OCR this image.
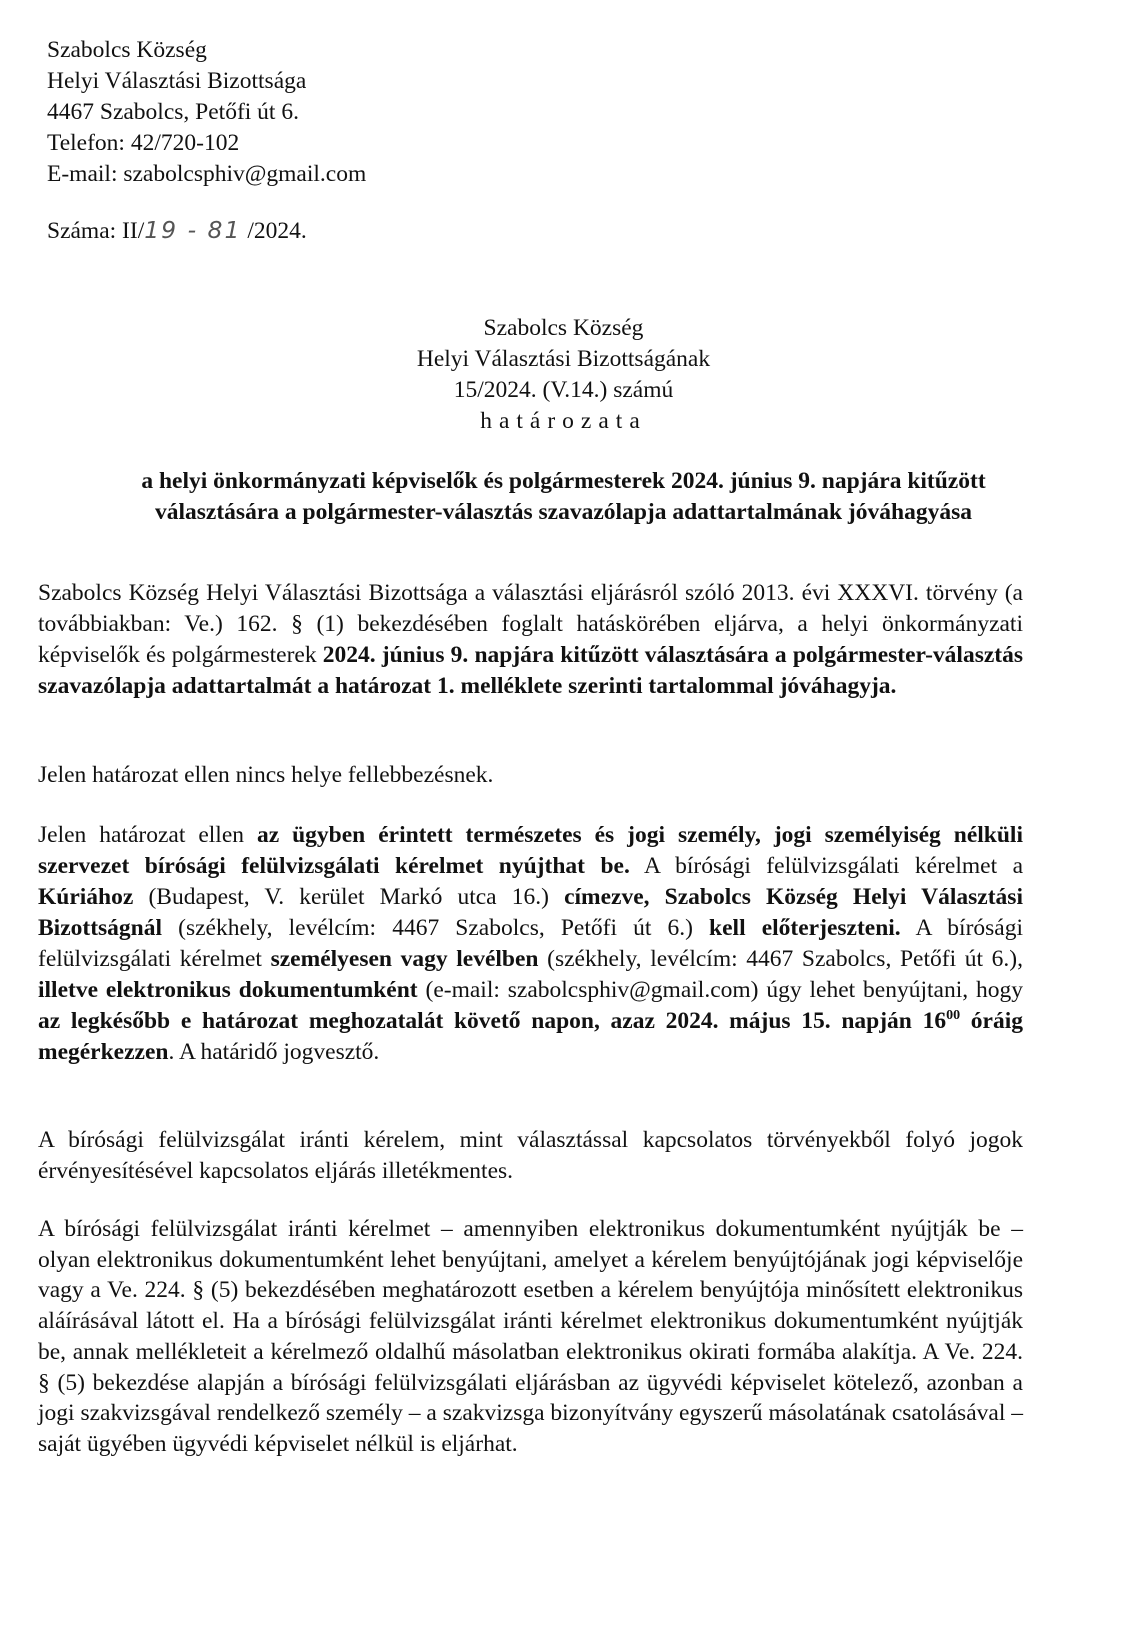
Szabolcs Község
Helyi Választási Bizottsága
4467 Szabolcs, Petőfi út 6.
Telefon: 42/720-102
E-mail: szabolcsphiv@gmail.com
Száma: II/19 - 81 /2024.
Szabolcs Község
Helyi Választási Bizottságának
15/2024. (V.14.) számú
határozata
a helyi önkormányzati képviselők és polgármesterek 2024. június 9. napjára kitűzött
választására a polgármester-választás szavazólapja adattartalmának jóváhagyása
Szabolcs Község Helyi Választási Bizottsága a választási eljárásról szóló 2013. évi XXXVI. törvény (a továbbiakban: Ve.) 162. § (1) bekezdésében foglalt hatáskörében eljárva, a helyi önkormányzati képviselők és polgármesterek 2024. június 9. napjára kitűzött választására a polgármester-választás szavazólapja adattartalmát a határozat 1. melléklete szerinti tartalommal jóváhagyja.
Jelen határozat ellen nincs helye fellebbezésnek.
Jelen határozat ellen az ügyben érintett természetes és jogi személy, jogi személyiség nélküli szervezet bírósági felülvizsgálati kérelmet nyújthat be. A bírósági felülvizsgálati kérelmet a Kúriához (Budapest, V. kerület Markó utca 16.) címezve, Szabolcs Község Helyi Választási Bizottságnál (székhely, levélcím: 4467 Szabolcs, Petőfi út 6.) kell előterjeszteni. A bírósági felülvizsgálati kérelmet személyesen vagy levélben (székhely, levélcím: 4467 Szabolcs, Petőfi út 6.), illetve elektronikus dokumentumként (e-mail: szabolcsphiv@gmail.com) úgy lehet benyújtani, hogy az legkésőbb e határozat meghozatalát követő napon, azaz 2024. május 15. napján $16^{00}$ óráig megérkezzen. A határidő jogvesztő.
A bírósági felülvizsgálat iránti kérelem, mint választással kapcsolatos törvényekből folyó jogok érvényesítésével kapcsolatos eljárás illetékmentes.
A bírósági felülvizsgálat iránti kérelmet – amennyiben elektronikus dokumentumként nyújtják be – olyan elektronikus dokumentumként lehet benyújtani, amelyet a kérelem benyújtójának jogi képviselője vagy a Ve. 224. § (5) bekezdésében meghatározott esetben a kérelem benyújtója minősített elektronikus aláírásával látott el. Ha a bírósági felülvizsgálat iránti kérelmet elektronikus dokumentumként nyújtják be, annak mellékleteit a kérelmező oldalhű másolatban elektronikus okirati formába alakítja. A Ve. 224. § (5) bekezdése alapján a bírósági felülvizsgálati eljárásban az ügyvédi képviselet kötelező, azonban a jogi szakvizsgával rendelkező személy – a szakvizsga bizonyítvány egyszerű másolatának csatolásával – saját ügyében ügyvédi képviselet nélkül is eljárhat.
